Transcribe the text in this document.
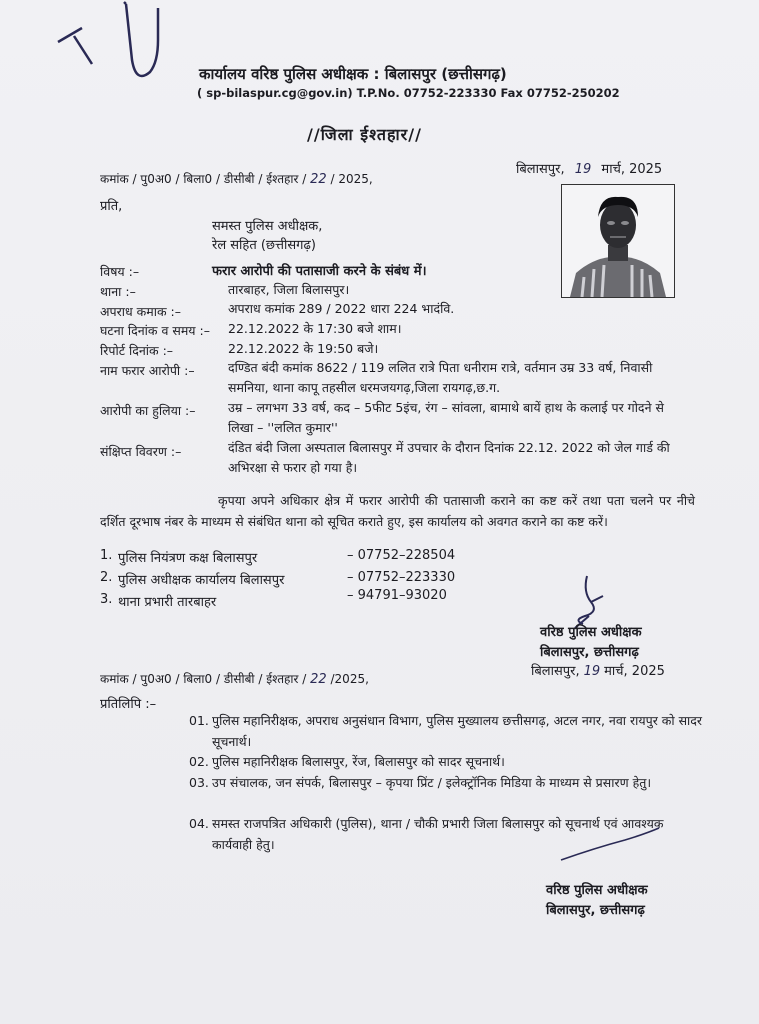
कार्यालय वरिष्ठ पुलिस अधीक्षक : बिलासपुर (छत्तीसगढ़)
( sp-bilaspur.cg@gov.in) T.P.No. 07752-223330 Fax 07752-250202
//जिला ईश्तहार//
कमांक / पु0अ0 / बिला0 / डीसीबी / ईश्तहार / 22 / 2025,
बिलासपुर, 19 मार्च, 2025
प्रति,
समस्त पुलिस अधीक्षक,
रेल सहित (छत्तीसगढ़)
विषय :–	फरार आरोपी की पतासाजी करने के संबंध में।
थाना :–	तारबाहर, जिला बिलासपुर।
अपराध कमाक :–	अपराध कमांक 289 / 2022 धारा 224 भादंवि.
घटना दिनांक व समय :– 22.12.2022 के 17:30 बजे शाम।
रिपोर्ट दिनांक :–	22.12.2022 के 19:50 बजे।
नाम फरार आरोपी :–	दण्डित बंदी कमांक 8622 / 119 ललित रात्रे पिता धनीराम रात्रे, वर्तमान उम्र 33 वर्ष, निवासी समनिया, थाना कापू तहसील धरमजयगढ़,जिला रायगढ़,छ.ग.
आरोपी का हुलिया :–	उम्र – लगभग 33 वर्ष, कद – 5फीट 5इंच, रंग – सांवला, बामाथे बायें हाथ के कलाई पर गोदने से लिखा – ''ललित कुमार''
संक्षिप्त विवरण :–	दंडित बंदी जिला अस्पताल बिलासपुर में उपचार के दौरान दिनांक 22.12. 2022 को जेल गार्ड की अभिरक्षा से फरार हो गया है।
कृपया अपने अधिकार क्षेत्र में फरार आरोपी की पतासाजी कराने का कष्ट करें तथा पता चलने पर नीचे दर्शित दूरभाष नंबर के माध्यम से संबंधित थाना को सूचित कराते हुए, इस कार्यालय को अवगत कराने का कष्ट करें।
1. पुलिस नियंत्रण कक्ष बिलासपुर	– 07752–228504
2. पुलिस अधीक्षक कार्यालय बिलासपुर	– 07752–223330
3. थाना प्रभारी तारबाहर	– 94791–93020
वरिष्ठ पुलिस अधीक्षक
बिलासपुर, छत्तीसगढ़
बिलासपुर, 19 मार्च, 2025
कमांक / पु0अ0 / बिला0 / डीसीबी / ईश्तहार / 22 /2025,
प्रतिलिपि :–
01. पुलिस महानिरीक्षक, अपराध अनुसंधान विभाग, पुलिस मुख्यालय छत्तीसगढ़, अटल नगर, नवा रायपुर को सादर सूचनार्थ।
02. पुलिस महानिरीक्षक बिलासपुर, रेंज, बिलासपुर को सादर सूचनार्थ।
03. उप संचालक, जन संपर्क, बिलासपुर – कृपया प्रिंट / इलेक्ट्रॉनिक मिडिया के माध्यम से प्रसारण हेतु।
04. समस्त राजपत्रित अधिकारी (पुलिस), थाना / चौकी प्रभारी जिला बिलासपुर को सूचनार्थ एवं आवश्यक कार्यवाही हेतु।
वरिष्ठ पुलिस अधीक्षक
बिलासपुर, छत्तीसगढ़
